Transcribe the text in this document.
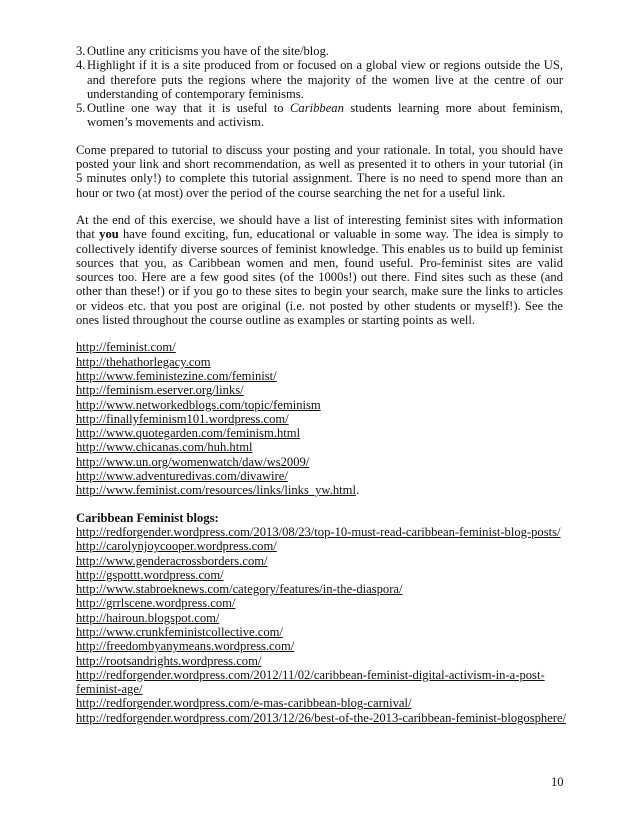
3. Outline any criticisms you have of the site/blog.
4. Highlight if it is a site produced from or focused on a global view or regions outside the US, and therefore puts the regions where the majority of the women live at the centre of our understanding of contemporary feminisms.
5. Outline one way that it is useful to Caribbean students learning more about feminism, women’s movements and activism.

Come prepared to tutorial to discuss your posting and your rationale. In total, you should have posted your link and short recommendation, as well as presented it to others in your tutorial (in 5 minutes only!) to complete this tutorial assignment. There is no need to spend more than an hour or two (at most) over the period of the course searching the net for a useful link.

At the end of this exercise, we should have a list of interesting feminist sites with information that you have found exciting, fun, educational or valuable in some way. The idea is simply to collectively identify diverse sources of feminist knowledge. This enables us to build up feminist sources that you, as Caribbean women and men, found useful. Pro-feminist sites are valid sources too. Here are a few good sites (of the 1000s!) out there. Find sites such as these (and other than these!) or if you go to these sites to begin your search, make sure the links to articles or videos etc. that you post are original (i.e. not posted by other students or myself!). See the ones listed throughout the course outline as examples or starting points as well.

http://feminist.com/
http://thehathorlegacy.com
http://www.feministezine.com/feminist/
http://feminism.eserver.org/links/
http://www.networkedblogs.com/topic/feminism
http://finallyfeminism101.wordpress.com/
http://www.quotegarden.com/feminism.html
http://www.chicanas.com/huh.html
http://www.un.org/womenwatch/daw/ws2009/
http://www.adventuredivas.com/divawire/
http://www.feminist.com/resources/links/links_yw.html.
Caribbean Feminist blogs:
http://redforgender.wordpress.com/2013/08/23/top-10-must-read-caribbean-feminist-blog-posts/
http://carolynjoycooper.wordpress.com/
http://www.genderacrossborders.com/
http://gspottt.wordpress.com/
http://www.stabroeknews.com/category/features/in-the-diaspora/
http://grrlscene.wordpress.com/
http://hairoun.blogspot.com/
http://www.crunkfeministcollective.com/
http://freedombyanymeans.wordpress.com/
http://rootsandrights.wordpress.com/
http://redforgender.wordpress.com/2012/11/02/caribbean-feminist-digital-activism-in-a-post-
feminist-age/
http://redforgender.wordpress.com/e-mas-caribbean-blog-carnival/
http://redforgender.wordpress.com/2013/12/26/best-of-the-2013-caribbean-feminist-blogosphere/
10
